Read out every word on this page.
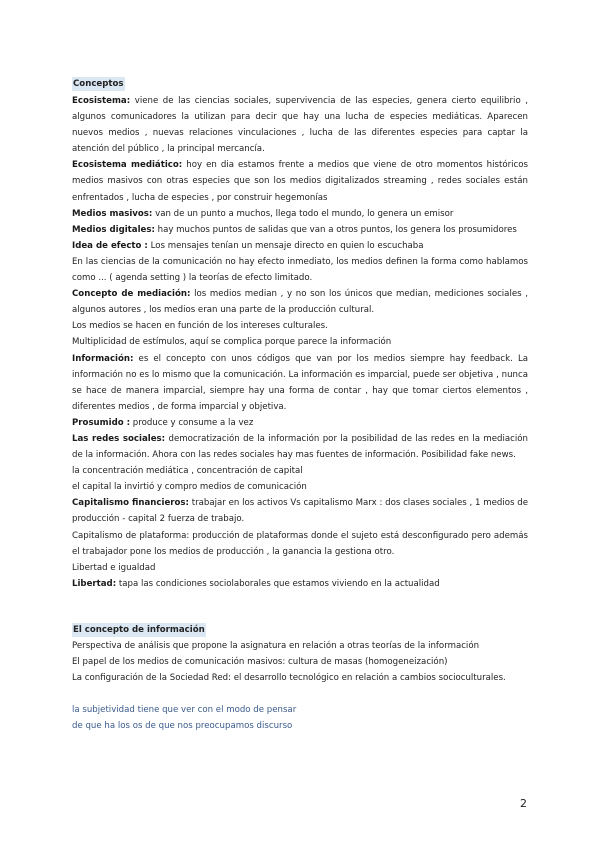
Conceptos

Ecosistema: viene de las ciencias sociales, supervivencia de las especies, genera cierto equilibrio , algunos comunicadores la utilizan para decir que hay una lucha de especies mediáticas. Aparecen nuevos medios , nuevas relaciones vinculaciones , lucha de las diferentes especies para captar la atención del público , la principal mercancía.

Ecosistema mediático: hoy en dia estamos frente a medios que viene de otro momentos históricos medios masivos con otras especies que son los medios digitalizados streaming , redes sociales están enfrentados , lucha de especies , por construir hegemonías

Medios masivos: van de un punto a muchos, llega todo el mundo, lo genera un emisor

Medios digitales: hay muchos puntos de salidas que van a otros puntos, los genera los prosumidores

Idea de efecto : Los mensajes tenían un mensaje directo en quien lo escuchaba

En las ciencias de la comunicación no hay efecto inmediato, los medios definen la forma como hablamos como ... ( agenda setting ) la teorías de efecto limitado.

Concepto de mediación: los medios median , y no son los únicos que median, mediciones sociales , algunos autores , los medios eran una parte de la producción cultural.

Los medios se hacen en función de los intereses culturales.

Multiplicidad de estímulos, aquí se complica porque parece la información

Información: es el concepto con unos códigos que van por los medios siempre hay feedback. La información no es lo mismo que la comunicación. La información es imparcial, puede ser objetiva , nunca se hace de manera imparcial, siempre hay una forma de contar , hay que tomar ciertos elementos , diferentes medios , de forma imparcial y objetiva.

Prosumido : produce y consume a la vez

Las redes sociales: democratización de la información por la posibilidad de las redes en la mediación de la información. Ahora con las redes sociales hay mas fuentes de información. Posibilidad fake news.

la concentración mediática , concentración de capital

el capital la invirtió y compro medios de comunicación

Capitalismo financieros: trabajar en los activos Vs capitalismo Marx : dos clases sociales , 1 medios de producción - capital 2 fuerza de trabajo.

Capitalismo de plataforma: producción de plataformas donde el sujeto está desconfigurado pero además el trabajador pone los medios de producción , la ganancia la gestiona otro.

Libertad e igualdad

Libertad: tapa las condiciones sociolaborales que estamos viviendo en la actualidad

El concepto de información

Perspectiva de análisis que propone la asignatura en relación a otras teorías de la información

El papel de los medios de comunicación masivos: cultura de masas (homogeneización)

La configuración de la Sociedad Red: el desarrollo tecnológico en relación a cambios socioculturales.

la subjetividad tiene que ver con el modo de pensar

de que ha los os de que nos preocupamos discurso

2
